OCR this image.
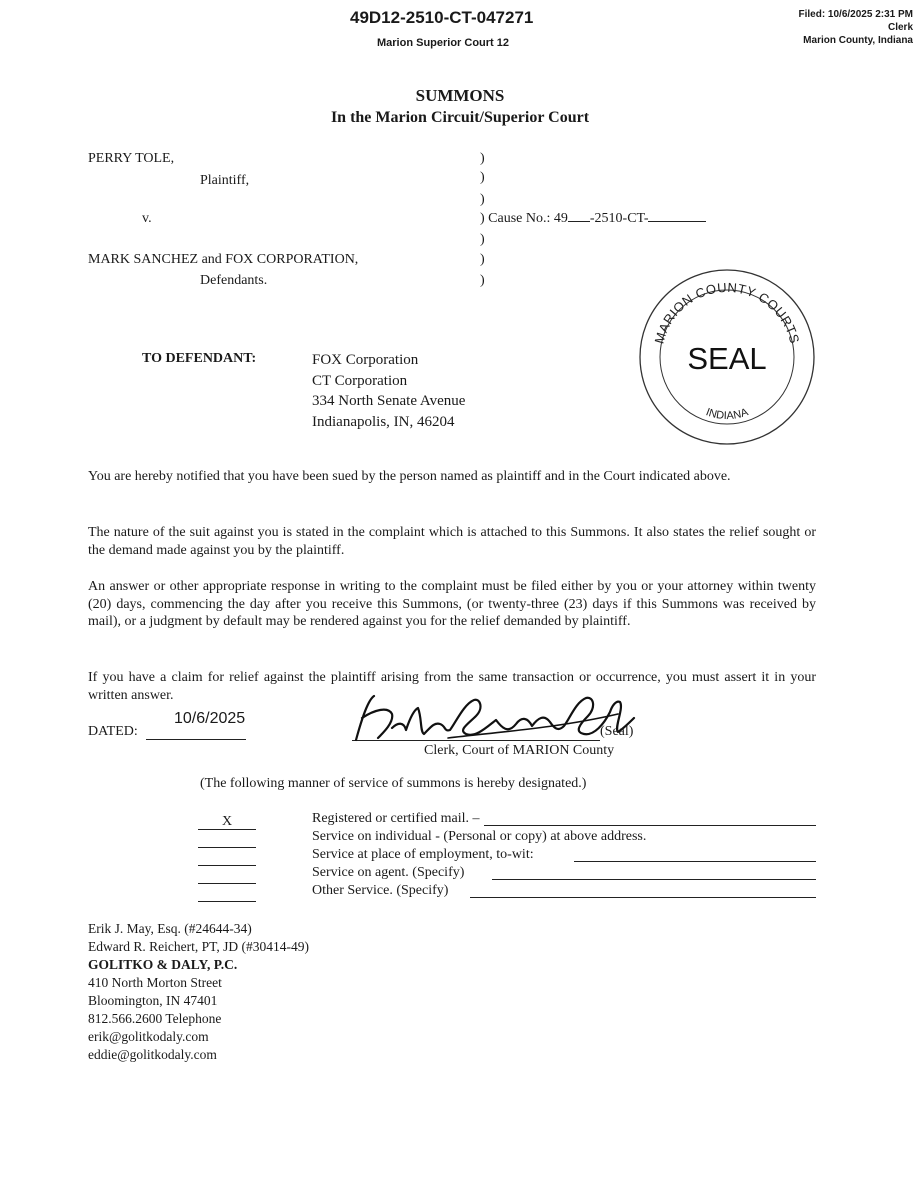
49D12-2510-CT-047271
Marion Superior Court 12
Filed: 10/6/2025 2:31 PM
Clerk
Marion County, Indiana
SUMMONS
In the Marion Circuit/Superior Court
PERRY TOLE,
Plaintiff,
v.
MARK SANCHEZ and FOX CORPORATION,
Defendants.
)
)
)
) Cause No.: 49 -2510-CT-
)
)
)
MARION COUNTY COURTS
INDIANA
SEAL
TO DEFENDANT:	FOX Corporation
CT Corporation
334 North Senate Avenue
Indianapolis, IN, 46204
You are hereby notified that you have been sued by the person named as plaintiff and in the Court indicated above.
The nature of the suit against you is stated in the complaint which is attached to this Summons. It also states the relief sought or the demand made against you by the plaintiff.
An answer or other appropriate response in writing to the complaint must be filed either by you or your attorney within twenty (20) days, commencing the day after you receive this Summons, (or twenty-three (23) days if this Summons was received by mail), or a judgment by default may be rendered against you for the relief demanded by plaintiff.
If you have a claim for relief against the plaintiff arising from the same transaction or occurrence, you must assert it in your written answer.
DATED:
10/6/2025
(Seal)
Clerk, Court of MARION County
(The following manner of service of summons is hereby designated.)
X	Registered or certified mail. –
Service on individual - (Personal or copy) at above address.
Service at place of employment, to-wit:
Service on agent. (Specify)
Other Service. (Specify)
Erik J. May, Esq. (#24644-34)
Edward R. Reichert, PT, JD (#30414-49)
GOLITKO & DALY, P.C.
410 North Morton Street
Bloomington, IN 47401
812.566.2600 Telephone
erik@golitkodaly.com
eddie@golitkodaly.com
